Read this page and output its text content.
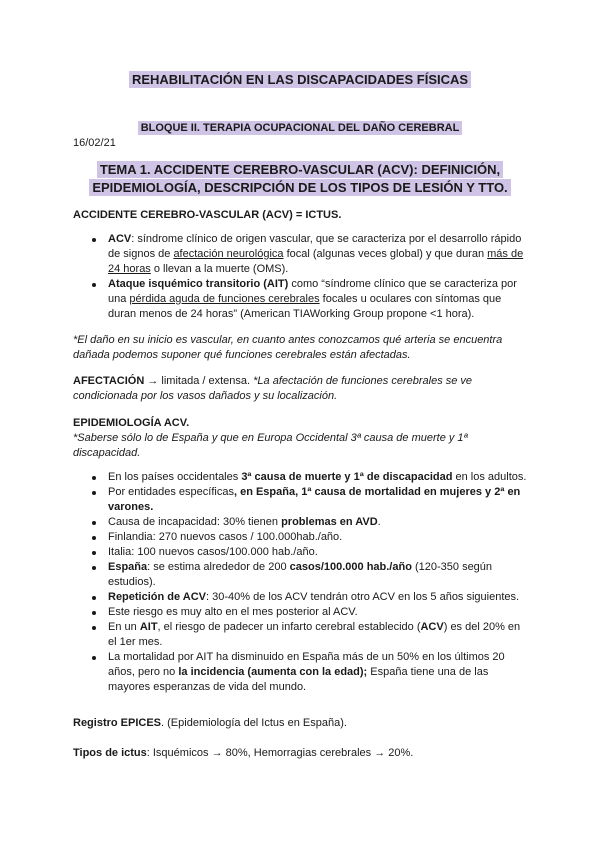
REHABILITACIÓN EN LAS DISCAPACIDADES FÍSICAS
BLOQUE II. TERAPIA OCUPACIONAL DEL DAÑO CEREBRAL
16/02/21
TEMA 1. ACCIDENTE CEREBRO-VASCULAR (ACV): DEFINICIÓN,
EPIDEMIOLOGÍA, DESCRIPCIÓN DE LOS TIPOS DE LESIÓN Y TTO.
ACCIDENTE CEREBRO-VASCULAR (ACV) = ICTUS.
ACV: síndrome clínico de origen vascular, que se caracteriza por el desarrollo rápido de signos de afectación neurológica focal (algunas veces global) y que duran más de 24 horas o llevan a la muerte (OMS).
Ataque isquémico transitorio (AIT) como “síndrome clínico que se caracteriza por una pérdida aguda de funciones cerebrales focales u oculares con síntomas que duran menos de 24 horas” (American TIAWorking Group propone <1 hora).
*El daño en su inicio es vascular, en cuanto antes conozcamos qué arteria se encuentra dañada podemos suponer qué funciones cerebrales están afectadas.
AFECTACIÓN → limitada / extensa. *La afectación de funciones cerebrales se ve condicionada por los vasos dañados y su localización.
EPIDEMIOLOGÍA ACV.
*Saberse sólo lo de España y que en Europa Occidental 3ª causa de muerte y 1ª discapacidad.
En los países occidentales 3ª causa de muerte y 1ª de discapacidad en los adultos.
Por entidades específicas, en España, 1ª causa de mortalidad en mujeres y 2ª en varones.
Causa de incapacidad: 30% tienen problemas en AVD.
Finlandia: 270 nuevos casos / 100.000hab./año.
Italia: 100 nuevos casos/100.000 hab./año.
España: se estima alrededor de 200 casos/100.000 hab./año (120-350 según estudios).
Repetición de ACV: 30-40% de los ACV tendrán otro ACV en los 5 años siguientes.
Este riesgo es muy alto en el mes posterior al ACV.
En un AIT, el riesgo de padecer un infarto cerebral establecido (ACV) es del 20% en el 1er mes.
La mortalidad por AIT ha disminuido en España más de un 50% en los últimos 20 años, pero no la incidencia (aumenta con la edad); España tiene una de las mayores esperanzas de vida del mundo.
Registro EPICES. (Epidemiología del Ictus en España).
Tipos de ictus: Isquémicos → 80%, Hemorragias cerebrales → 20%.
